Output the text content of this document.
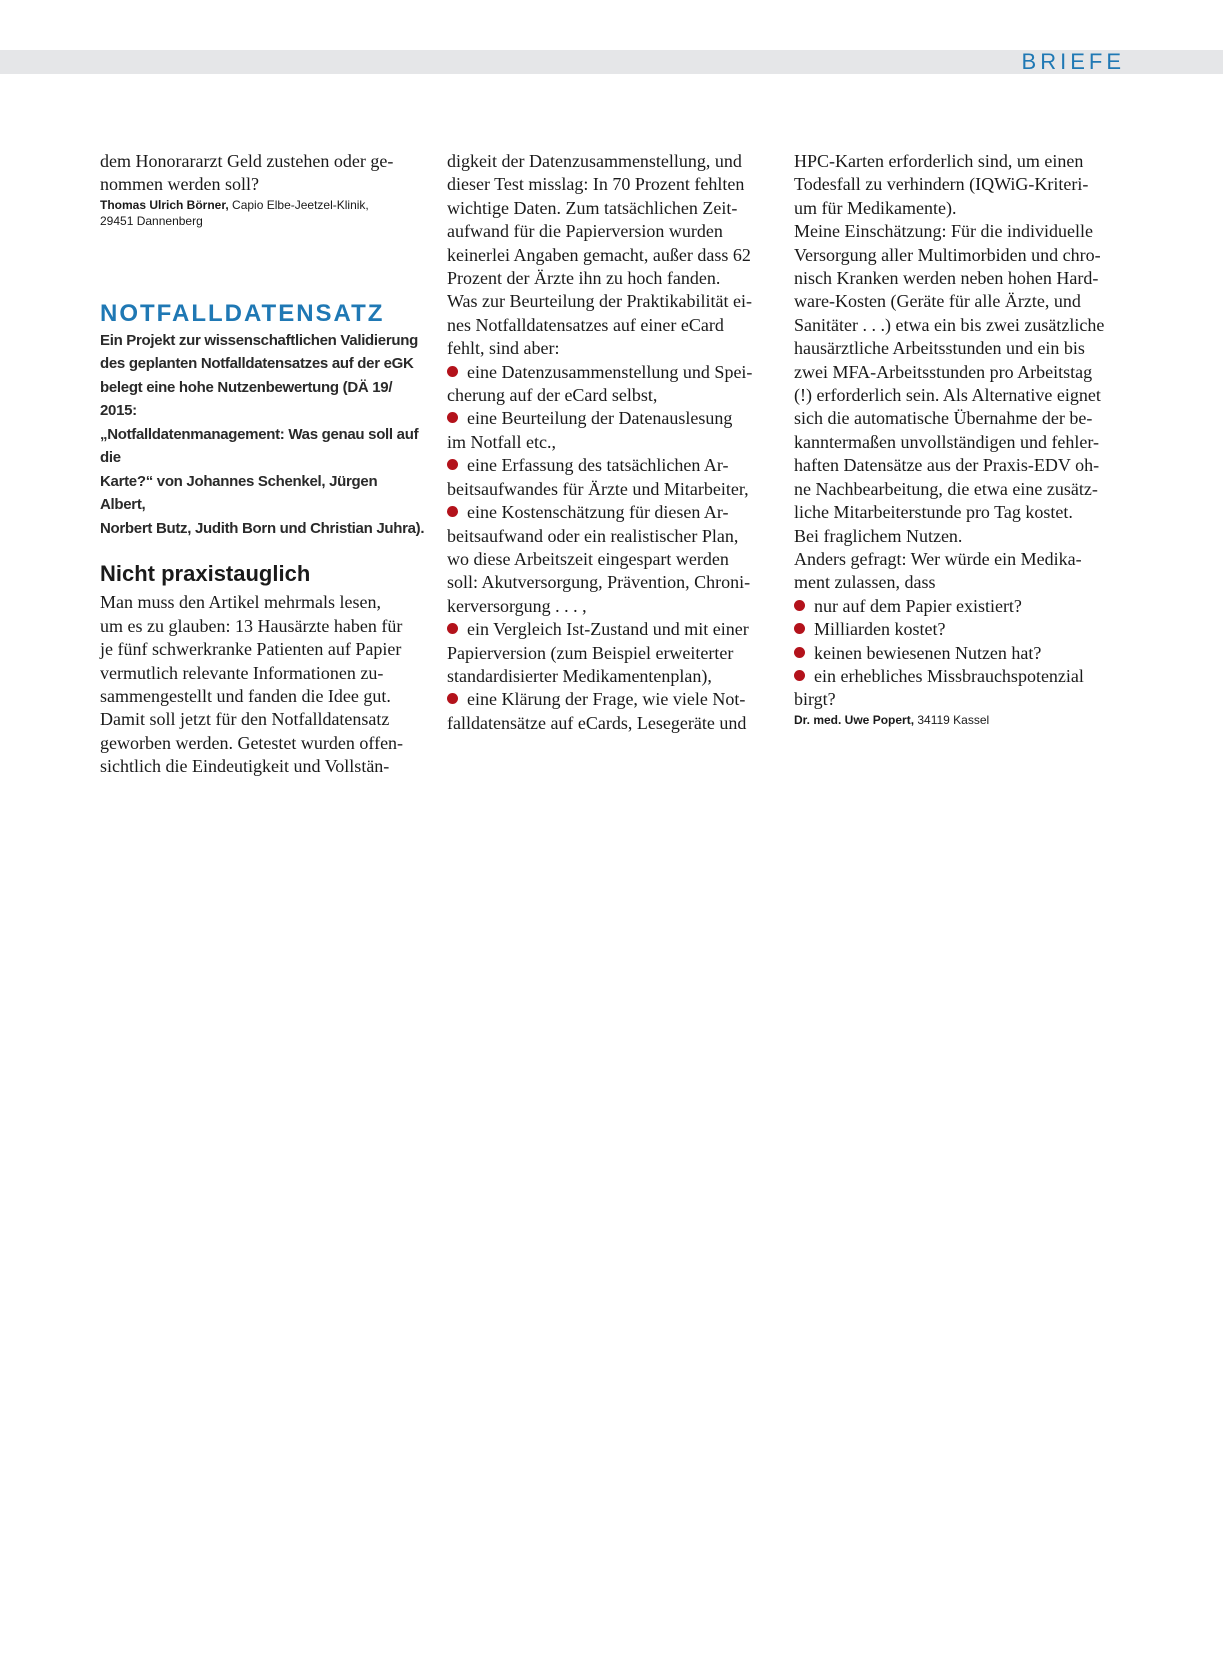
BRIEFE

dem Honorararzt Geld zustehen oder ge-
nommen werden soll?

Thomas Ulrich Börner, Capio Elbe-Jeetzel-Klinik,
29451 Dannenberg

NOTFALLDATENSATZ

Ein Projekt zur wissenschaftlichen Validierung
des geplanten Notfalldatensatzes auf der eGK
belegt eine hohe Nutzenbewertung (DÄ 19/ 2015:
„Notfalldatenmanagement: Was genau soll auf die
Karte?“ von Johannes Schenkel, Jürgen Albert,
Norbert Butz, Judith Born und Christian Juhra).

Nicht praxistauglich

Man muss den Artikel mehrmals lesen,
um es zu glauben: 13 Hausärzte haben für
je fünf schwerkranke Patienten auf Papier
vermutlich relevante Informationen zu-
sammengestellt und fanden die Idee gut.
Damit soll jetzt für den Notfalldatensatz
geworben werden. Getestet wurden offen-
sichtlich die Eindeutigkeit und Vollstän-

digkeit der Datenzusammenstellung, und
dieser Test misslag: In 70 Prozent fehlten
wichtige Daten. Zum tatsächlichen Zeit-
aufwand für die Papierversion wurden
keinerlei Angaben gemacht, außer dass 62
Prozent der Ärzte ihn zu hoch fanden.
Was zur Beurteilung der Praktikabilität ei-
nes Notfalldatensatzes auf einer eCard
fehlt, sind aber:

eine Datenzusammenstellung und Spei-
cherung auf der eCard selbst,
eine Beurteilung der Datenauslesung
im Notfall etc.,
eine Erfassung des tatsächlichen Ar-
beitsaufwandes für Ärzte und Mitarbeiter,
eine Kostenschätzung für diesen Ar-
beitsaufwand oder ein realistischer Plan,
wo diese Arbeitszeit eingespart werden
soll: Akutversorgung, Prävention, Chroni-
kerversorgung . . . ,
ein Vergleich Ist-Zustand und mit einer
Papierversion (zum Beispiel erweiterter
standardisierter Medikamentenplan),
eine Klärung der Frage, wie viele Not-
falldatensätze auf eCards, Lesegeräte und

HPC-Karten erforderlich sind, um einen
Todesfall zu verhindern (IQWiG-Kriteri-
um für Medikamente).

Meine Einschätzung: Für die individuelle
Versorgung aller Multimorbiden und chro-
nisch Kranken werden neben hohen Hard-
ware-Kosten (Geräte für alle Ärzte, und
Sanitäter . . .) etwa ein bis zwei zusätzliche
hausärztliche Arbeitsstunden und ein bis
zwei MFA-Arbeitsstunden pro Arbeitstag
(!) erforderlich sein. Als Alternative eignet
sich die automatische Übernahme der be-
kanntermaßen unvollständigen und fehler-
haften Datensätze aus der Praxis-EDV oh-
ne Nachbearbeitung, die etwa eine zusätz-
liche Mitarbeiterstunde pro Tag kostet.

Bei fraglichem Nutzen.

Anders gefragt: Wer würde ein Medika-
ment zulassen, dass

nur auf dem Papier existiert?
Milliarden kostet?
keinen bewiesenen Nutzen hat?
ein erhebliches Missbrauchspotenzial
birgt?

Dr. med. Uwe Popert, 34119 Kassel
